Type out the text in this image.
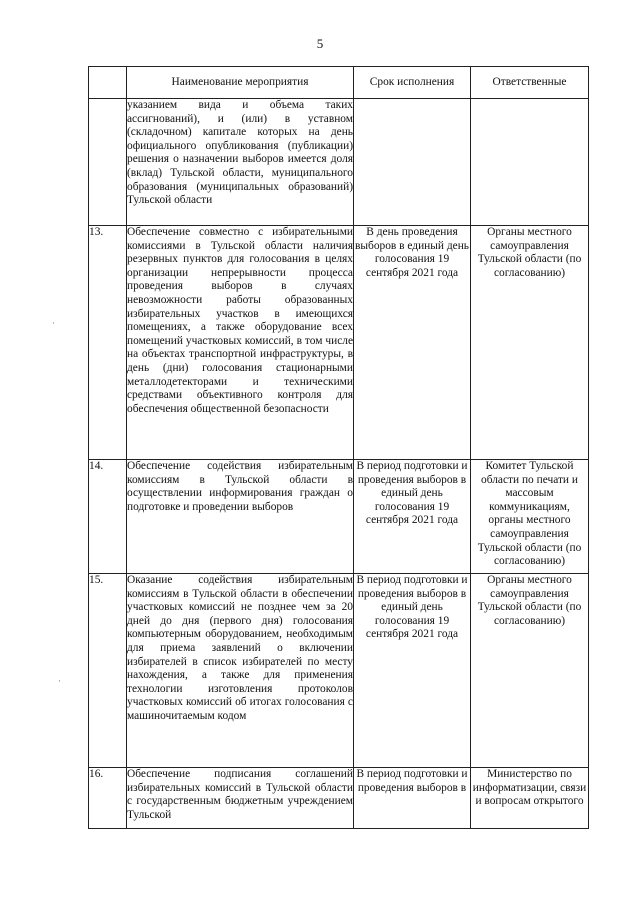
5
	Наименование мероприятия	Срок исполнения	Ответственные
	указанием вида и объема таких ассигнований), и (или) в уставном (складочном) капитале которых на день официального опубликования (публикации) решения о назначении выборов имеется доля (вклад) Тульской области, муниципального образования (муниципальных образований) Тульской области		
13.	Обеспечение совместно с избирательными комиссиями в Тульской области наличия резервных пунктов для голосования в целях организации непрерывности процесса проведения выборов в случаях невозможности работы образованных избирательных участков в имеющихся помещениях, а также оборудование всех помещений участковых комиссий, в том числе на объектах транспортной инфраструктуры, в день (дни) голосования стационарными металлодетекторами и техническими средствами объективного контроля для обеспечения общественной безопасности	В день проведения выборов в единый день голосования 19 сентября 2021 года	Органы местного самоуправления Тульской области (по согласованию)
14.	Обеспечение содействия избирательным комиссиям в Тульской области в осуществлении информирования граждан о подготовке и проведении выборов	В период подготовки и проведения выборов в единый день голосования 19 сентября 2021 года	Комитет Тульской области по печати и массовым коммуникациям, органы местного самоуправления Тульской области (по согласованию)
15.	Оказание содействия избирательным комиссиям в Тульской области в обеспечении участковых комиссий не позднее чем за 20 дней до дня (первого дня) голосования компьютерным оборудованием, необходимым для приема заявлений о включении избирателей в список избирателей по месту нахождения, а также для применения технологии изготовления протоколов участковых комиссий об итогах голосования с машиночитаемым кодом	В период подготовки и проведения выборов в единый день голосования 19 сентября 2021 года	Органы местного самоуправления Тульской области (по согласованию)
16.	Обеспечение подписания соглашений избирательных комиссий в Тульской области с государственным бюджетным учреждением Тульской	В период подготовки и проведения выборов в	Министерство по информатизации, связи и вопросам открытого
·
·
